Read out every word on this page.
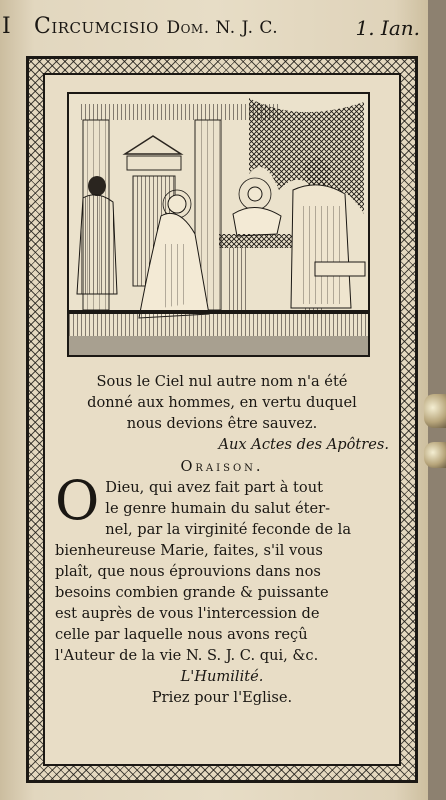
I Circumcisio Dom. N. J. C.	1. Ian.
Sous le Ciel nul autre nom n'a été
donné aux hommes, en vertu duquel
nous devions être sauvez.
Aux Actes des Apôtres.
Oraison.
O Dieu, qui avez fait part à tout
le genre humain du salut éter-
nel, par la virginité feconde de la
bienheureuse Marie, faites, s'il vous
plaît, que nous éprouvions dans nos
besoins combien grande & puissante
est auprès de vous l'intercession de
celle par laquelle nous avons reçû
l'Auteur de la vie N. S. J. C. qui, &c.
L'Humilité.
Priez pour l'Eglise.
